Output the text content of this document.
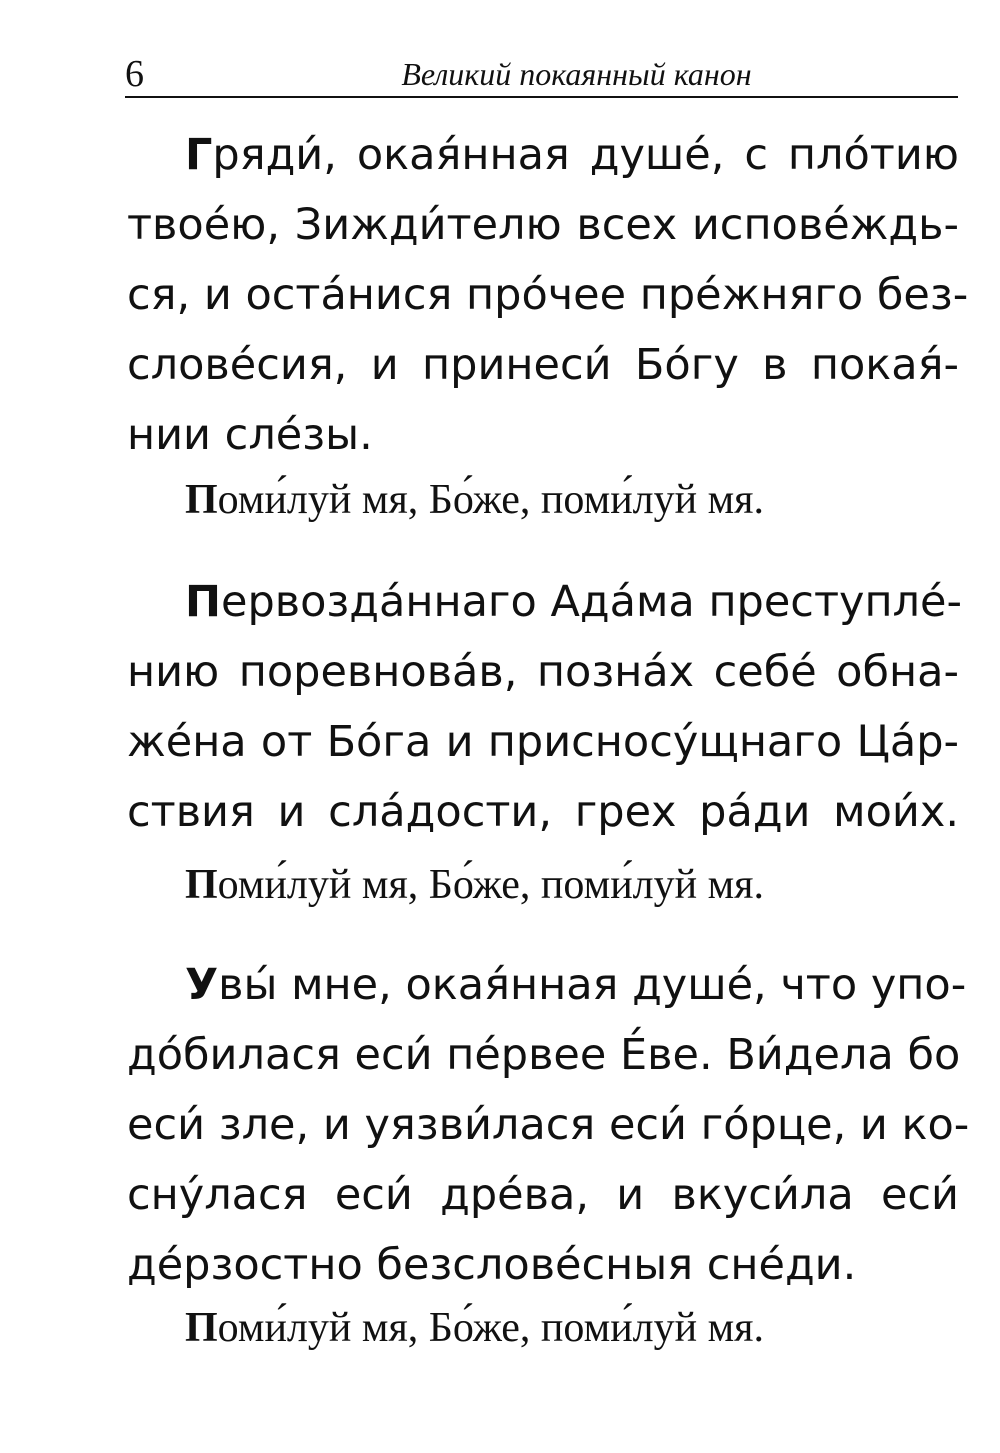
6	Великий покаянный канон
Гряди́, окая́нная душе́, с пло́тию
твое́ю, Зижди́телю всех испове́ждь-
ся, и оста́нися про́чее пре́жняго без-
слове́сия, и принеси́ Бо́гу в покая́-
нии сле́зы.

Поми́луй мя, Бо́же, поми́луй мя.

Первозда́ннаго Ада́ма преступле́-
нию поревнова́в, позна́х себе́ обна-
же́на от Бо́га и присносу́щнаго Ца́р-
ствия и сла́дости, грех ра́ди мои́х.

Поми́луй мя, Бо́же, поми́луй мя.

Увы́ мне, окая́нная душе́, что упо-
до́билася еси́ пе́рвее Е́ве. Ви́дела бо
еси́ зле, и уязви́лася еси́ го́рце, и ко-
сну́лася еси́ дре́ва, и вкуси́ла еси́
де́рзостно безслове́сныя сне́ди.

Поми́луй мя, Бо́же, поми́луй мя.
